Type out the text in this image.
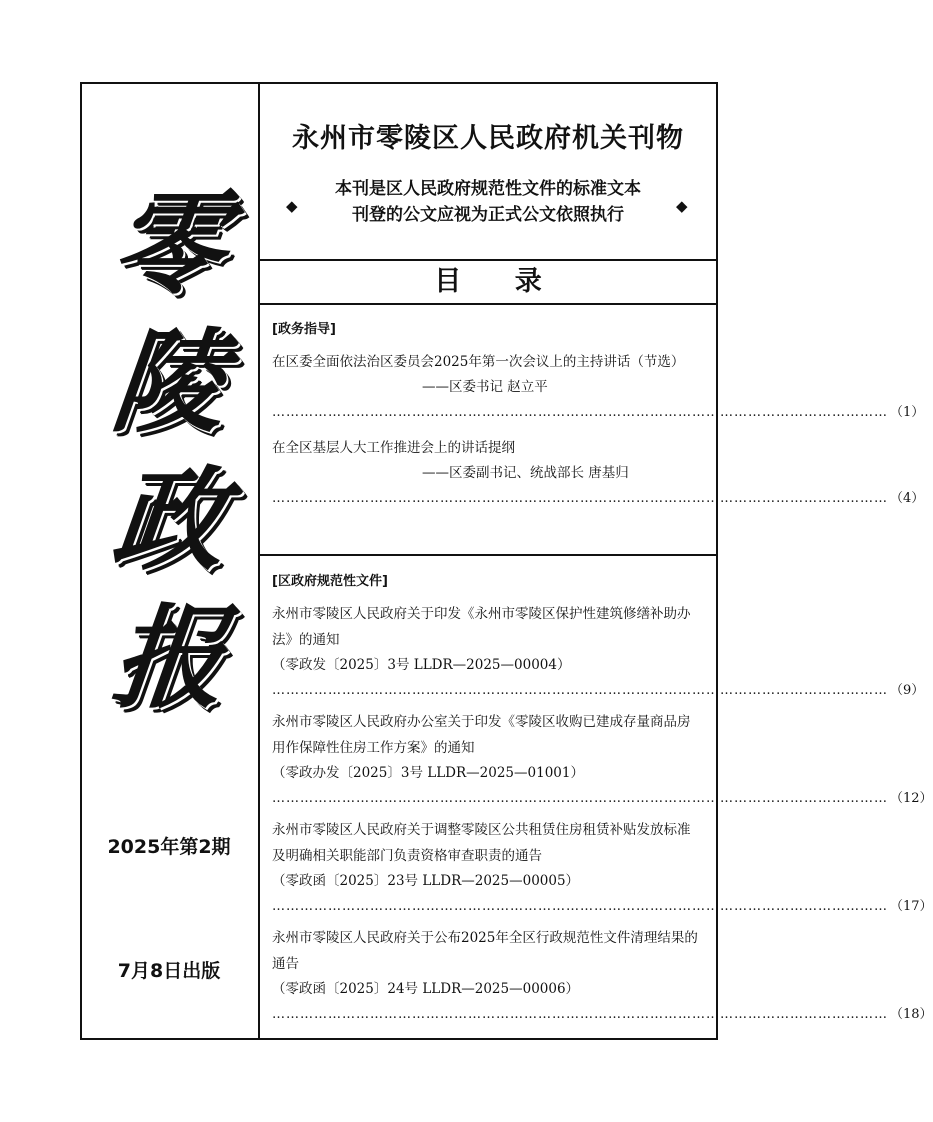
零
陵
政
报
2025年第2期
7月8日出版
永州市零陵区人民政府机关刊物
本刊是区人民政府规范性文件的标准文本
刊登的公文应视为正式公文依照执行
◆	◆
目 录
[政务指导]
在区委全面依法治区委员会2025年第一次会议上的主持讲话（节选）
——区委书记 赵立平
…………………………………………………………………………………………………………………… （1）
在全区基层人大工作推进会上的讲话提纲
——区委副书记、统战部长 唐基归
…………………………………………………………………………………………………………………… （4）
[区政府规范性文件]
永州市零陵区人民政府关于印发《永州市零陵区保护性建筑修缮补助办法》的通知
（零政发〔2025〕3号 LLDR—2025—00004）
…………………………………………………………………………………………………………………… （9）
永州市零陵区人民政府办公室关于印发《零陵区收购已建成存量商品房用作保障性住房工作方案》的通知
（零政办发〔2025〕3号 LLDR—2025—01001）
…………………………………………………………………………………………………………………… （12）
永州市零陵区人民政府关于调整零陵区公共租赁住房租赁补贴发放标准及明确相关职能部门负责资格审查职责的通告
（零政函〔2025〕23号 LLDR—2025—00005）
…………………………………………………………………………………………………………………… （17）
永州市零陵区人民政府关于公布2025年全区行政规范性文件清理结果的通告
（零政函〔2025〕24号 LLDR—2025—00006）
…………………………………………………………………………………………………………………… （18）
